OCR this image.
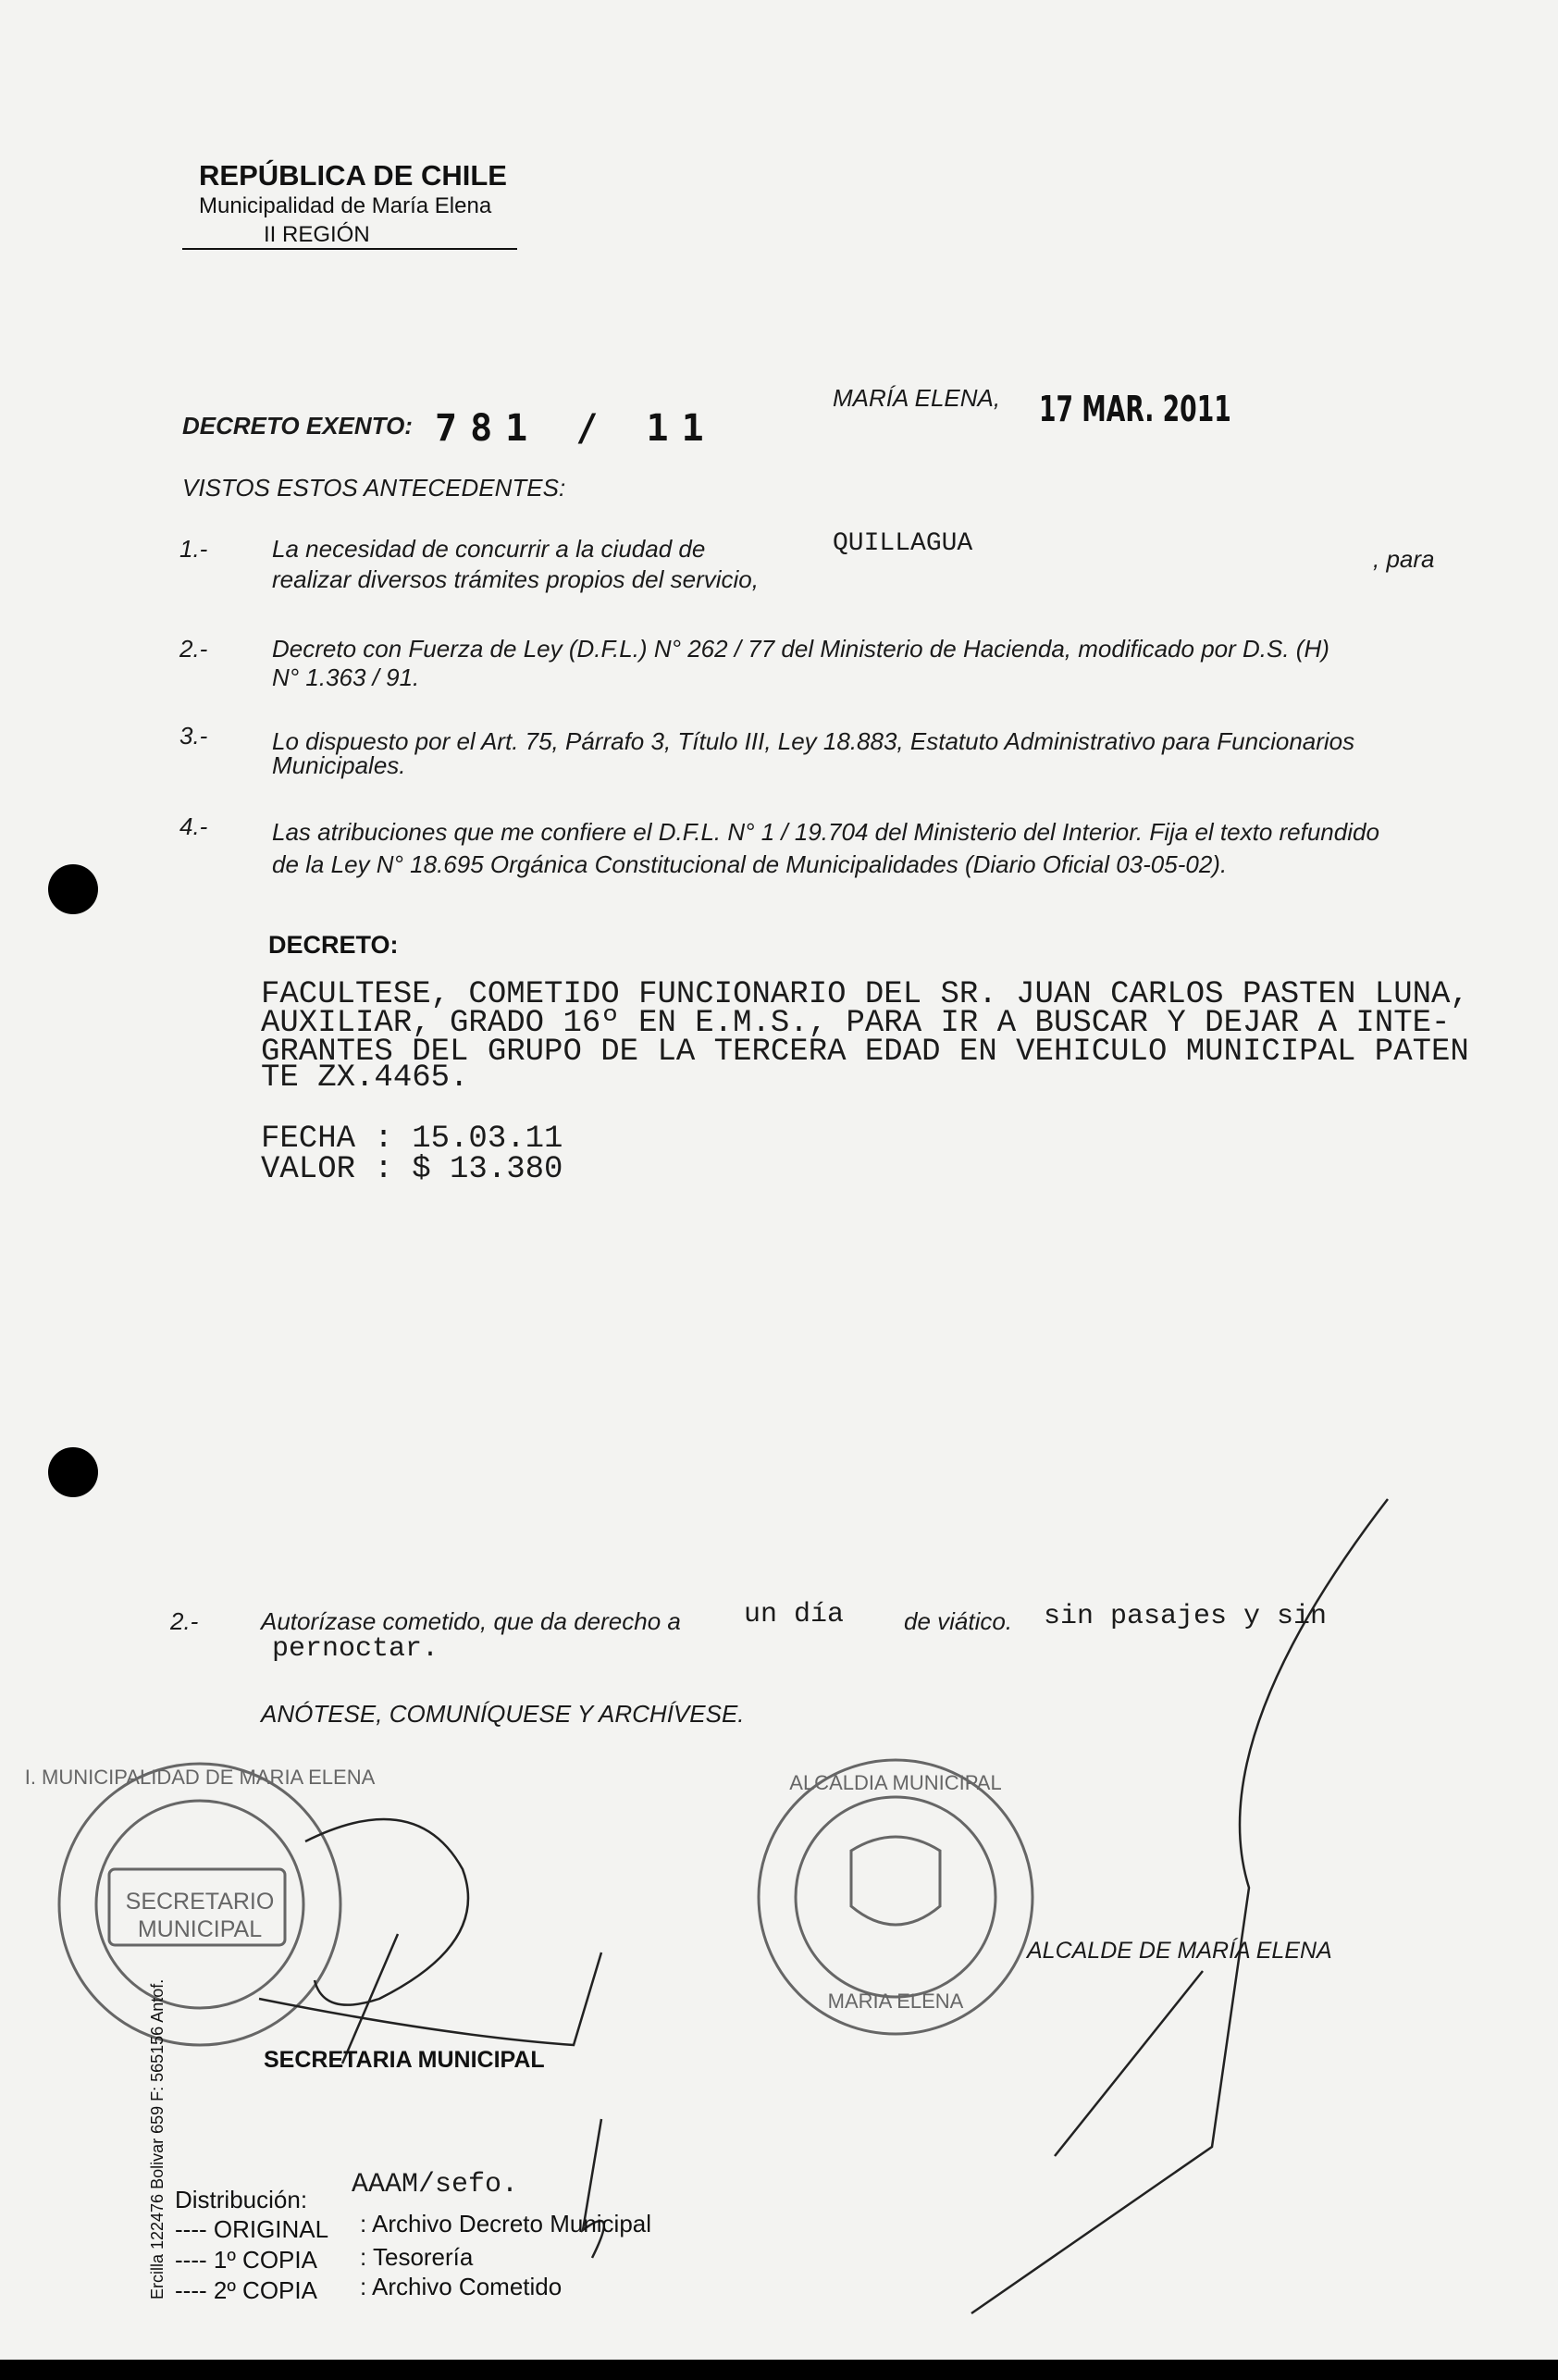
REPÚBLICA DE CHILE
Municipalidad de María Elena
II REGIÓN
DECRETO EXENTO: 781 / 11
MARÍA ELENA, 17 MAR. 2011
VISTOS ESTOS ANTECEDENTES:
1.-	La necesidad de concurrir a la ciudad de	QUILLAGUA
, para
realizar diversos trámites propios del servicio,
2.-	Decreto con Fuerza de Ley (D.F.L.) N° 262 / 77 del Ministerio de Hacienda, modificado por D.S. (H)
N° 1.363 / 91.
3.-	Lo dispuesto por el Art. 75, Párrafo 3, Título III, Ley 18.883, Estatuto Administrativo para Funcionarios
Municipales.
4.-	Las atribuciones que me confiere el D.F.L. N° 1 / 19.704 del Ministerio del Interior. Fija el texto refundido
de la Ley N° 18.695 Orgánica Constitucional de Municipalidades (Diario Oficial 03-05-02).
DECRETO:
FACULTESE, COMETIDO FUNCIONARIO DEL SR. JUAN CARLOS PASTEN LUNA,
AUXILIAR, GRADO 16º EN E.M.S., PARA IR A BUSCAR Y DEJAR A INTE-
GRANTES DEL GRUPO DE LA TERCERA EDAD EN VEHICULO MUNICIPAL PATEN
TE ZX.4465.
FECHA : 15.03.11
VALOR : $ 13.380
2.-	Autorízase cometido, que da derecho a un día de viático. sin pasajes y sin
pernoctar.
ANÓTESE, COMUNÍQUESE Y ARCHÍVESE.
I. MUNICIPALIDAD DE MARIA ELENA
SECRETARIO MUNICIPAL
ALCALDIA MUNICIPAL
MARIA ELENA
ALCALDE DE MARÍA ELENA
SECRETARIA MUNICIPAL
Ercilla 122476 Bolivar 659 F: 565156 Antof.	AAAM/sefo.
Distribución:
---- ORIGINAL : Archivo Decreto Municipal
---- 1º COPIA : Tesorería
---- 2º COPIA : Archivo Cometido
